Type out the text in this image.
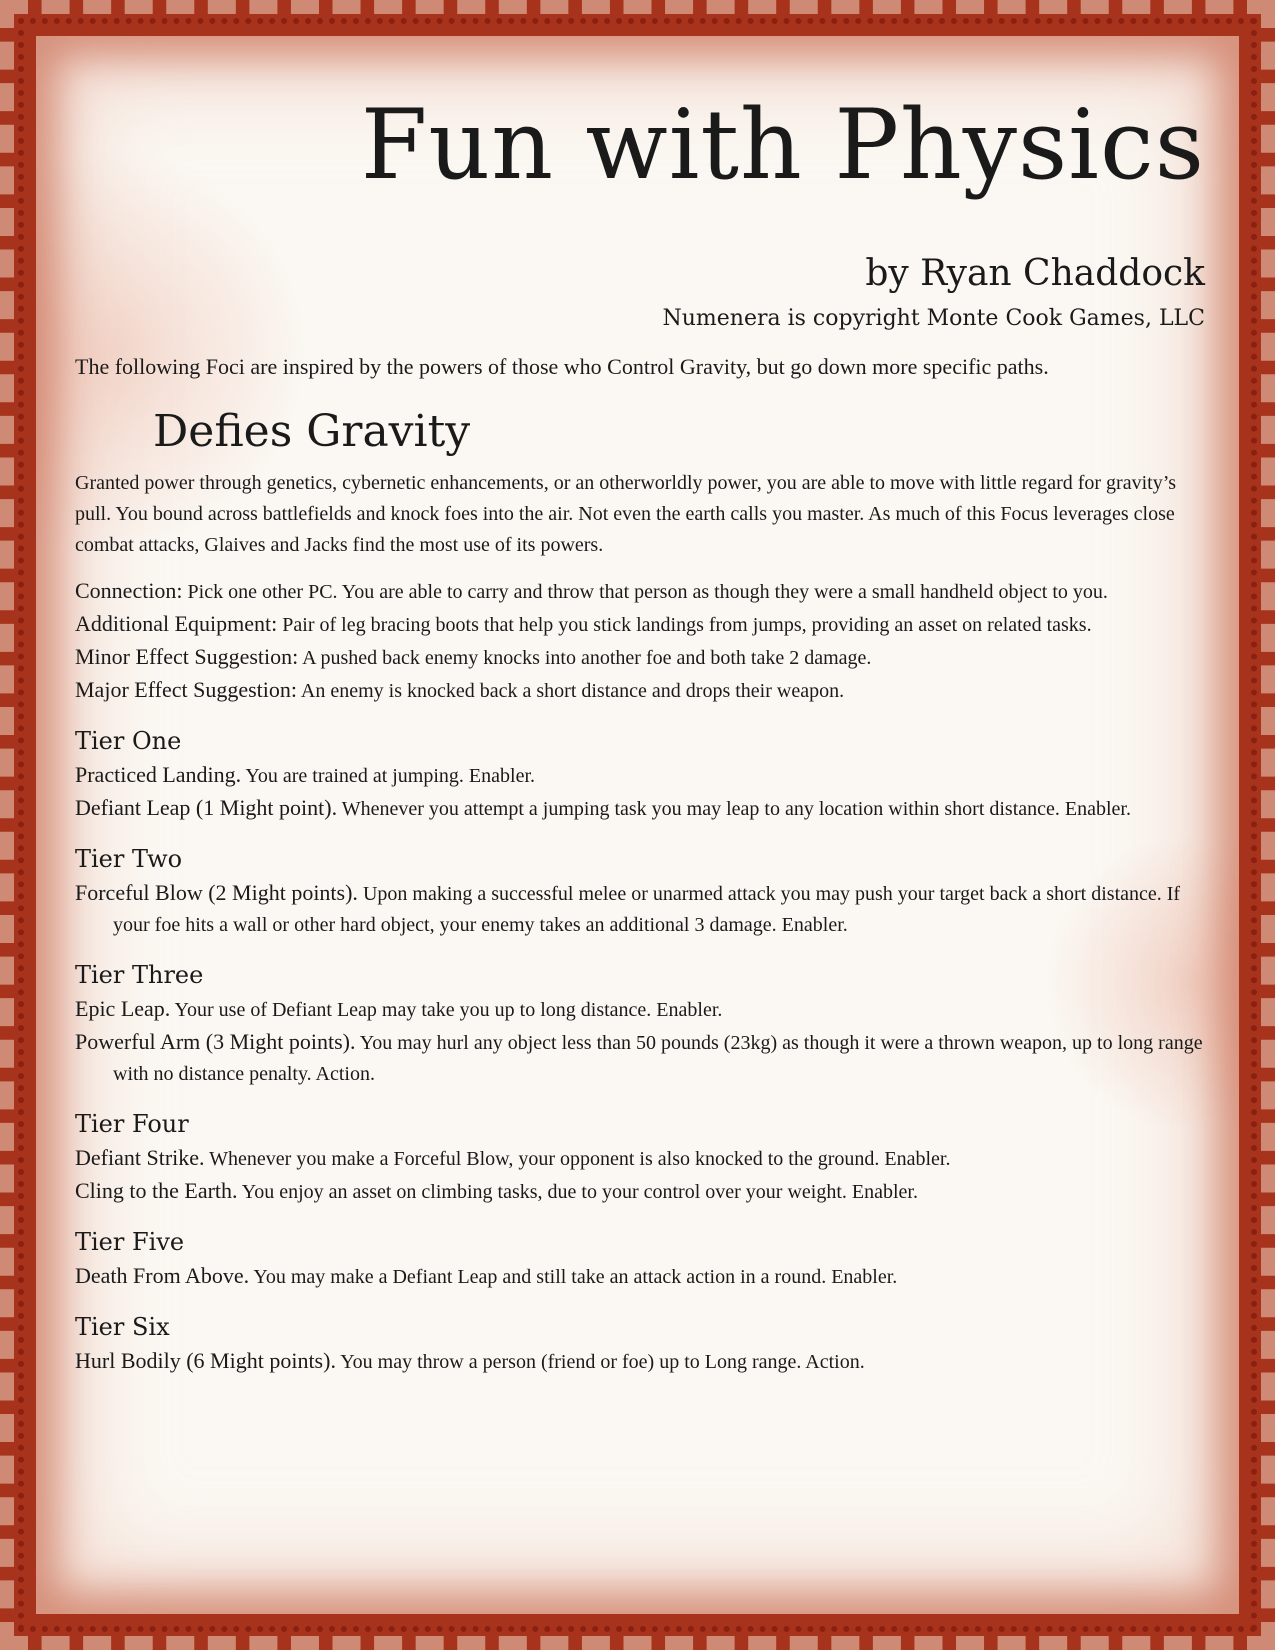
Fun with Physics
by Ryan Chaddock
Numenera is copyright Monte Cook Games, LLC
The following Foci are inspired by the powers of those who Control Gravity, but go down more specific paths.
Defies Gravity
Granted power through genetics, cybernetic enhancements, or an otherworldly power, you are able to move with little regard for gravity’s pull. You bound across battlefields and knock foes into the air. Not even the earth calls you master. As much of this Focus leverages close combat attacks, Glaives and Jacks find the most use of its powers.
Connection: Pick one other PC. You are able to carry and throw that person as though they were a small handheld object to you.
Additional Equipment: Pair of leg bracing boots that help you stick landings from jumps, providing an asset on related tasks.
Minor Effect Suggestion: A pushed back enemy knocks into another foe and both take 2 damage.
Major Effect Suggestion: An enemy is knocked back a short distance and drops their weapon.
Tier One
Practiced Landing. You are trained at jumping. Enabler.
Defiant Leap (1 Might point). Whenever you attempt a jumping task you may leap to any location within short distance. Enabler.
Tier Two
Forceful Blow (2 Might points). Upon making a successful melee or unarmed attack you may push your target back a short distance. If your foe hits a wall or other hard object, your enemy takes an additional 3 damage. Enabler.
Tier Three
Epic Leap. Your use of Defiant Leap may take you up to long distance. Enabler.
Powerful Arm (3 Might points). You may hurl any object less than 50 pounds (23kg) as though it were a thrown weapon, up to long range with no distance penalty. Action.
Tier Four
Defiant Strike. Whenever you make a Forceful Blow, your opponent is also knocked to the ground. Enabler.
Cling to the Earth. You enjoy an asset on climbing tasks, due to your control over your weight. Enabler.
Tier Five
Death From Above. You may make a Defiant Leap and still take an attack action in a round. Enabler.
Tier Six
Hurl Bodily (6 Might points). You may throw a person (friend or foe) up to Long range. Action.
